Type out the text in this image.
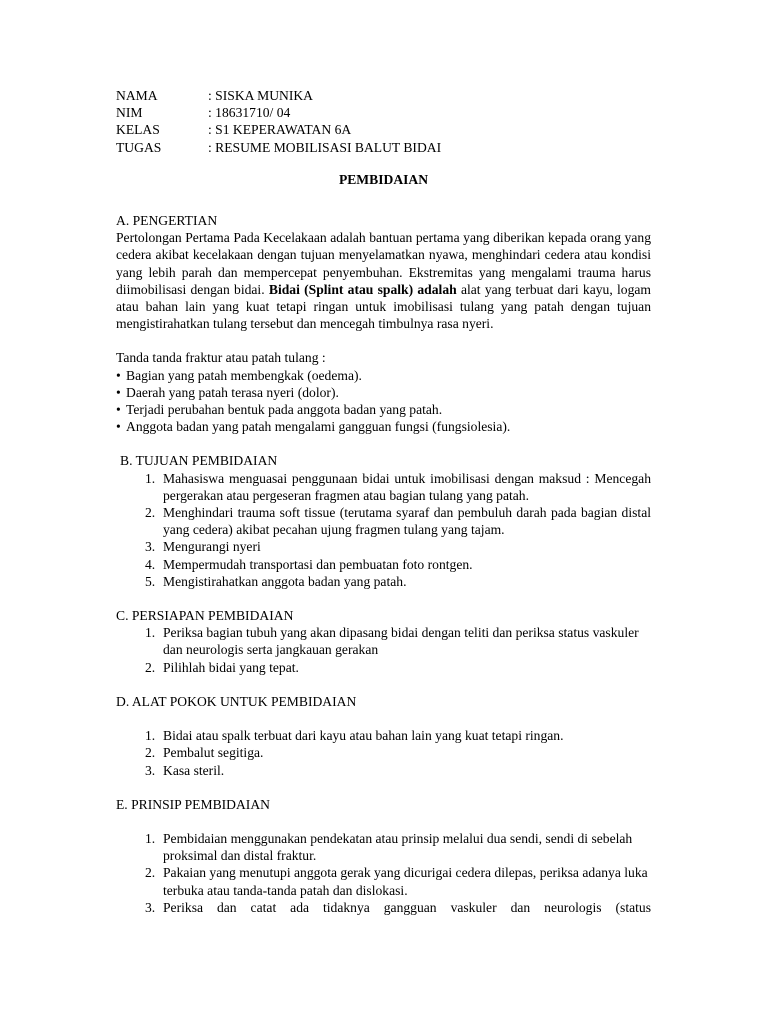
NAMA	: SISKA MUNIKA
NIM	: 18631710/ 04
KELAS	: S1 KEPERAWATAN 6A
TUGAS	: RESUME MOBILISASI BALUT BIDAI
PEMBIDAIAN
A. PENGERTIAN
Pertolongan Pertama Pada Kecelakaan adalah bantuan pertama yang diberikan kepada orang yang cedera akibat kecelakaan dengan tujuan menyelamatkan nyawa, menghindari cedera atau kondisi yang lebih parah dan mempercepat penyembuhan. Ekstremitas yang mengalami trauma harus diimobilisasi dengan bidai. Bidai (Splint atau spalk) adalah alat yang terbuat dari kayu, logam atau bahan lain yang kuat tetapi ringan untuk imobilisasi tulang yang patah dengan tujuan mengistirahatkan tulang tersebut dan mencegah timbulnya rasa nyeri.
Tanda tanda fraktur atau patah tulang :
• Bagian yang patah membengkak (oedema).
• Daerah yang patah terasa nyeri (dolor).
• Terjadi perubahan bentuk pada anggota badan yang patah.
• Anggota badan yang patah mengalami gangguan fungsi (fungsiolesia).
B. TUJUAN PEMBIDAIAN
1. Mahasiswa menguasai penggunaan bidai untuk imobilisasi dengan maksud : Mencegah pergerakan atau pergeseran fragmen atau bagian tulang yang patah.
2. Menghindari trauma soft tissue (terutama syaraf dan pembuluh darah pada bagian distal yang cedera) akibat pecahan ujung fragmen tulang yang tajam.
3. Mengurangi nyeri
4. Mempermudah transportasi dan pembuatan foto rontgen.
5. Mengistirahatkan anggota badan yang patah.
C. PERSIAPAN PEMBIDAIAN
1. Periksa bagian tubuh yang akan dipasang bidai dengan teliti dan periksa status vaskuler dan neurologis serta jangkauan gerakan
2. Pilihlah bidai yang tepat.
D. ALAT POKOK UNTUK PEMBIDAIAN
1. Bidai atau spalk terbuat dari kayu atau bahan lain yang kuat tetapi ringan.
2. Pembalut segitiga.
3. Kasa steril.
E. PRINSIP PEMBIDAIAN
1. Pembidaian menggunakan pendekatan atau prinsip melalui dua sendi, sendi di sebelah proksimal dan distal fraktur.
2. Pakaian yang menutupi anggota gerak yang dicurigai cedera dilepas, periksa adanya luka terbuka atau tanda-tanda patah dan dislokasi.
3. Periksa dan catat ada tidaknya gangguan vaskuler dan neurologis (status
